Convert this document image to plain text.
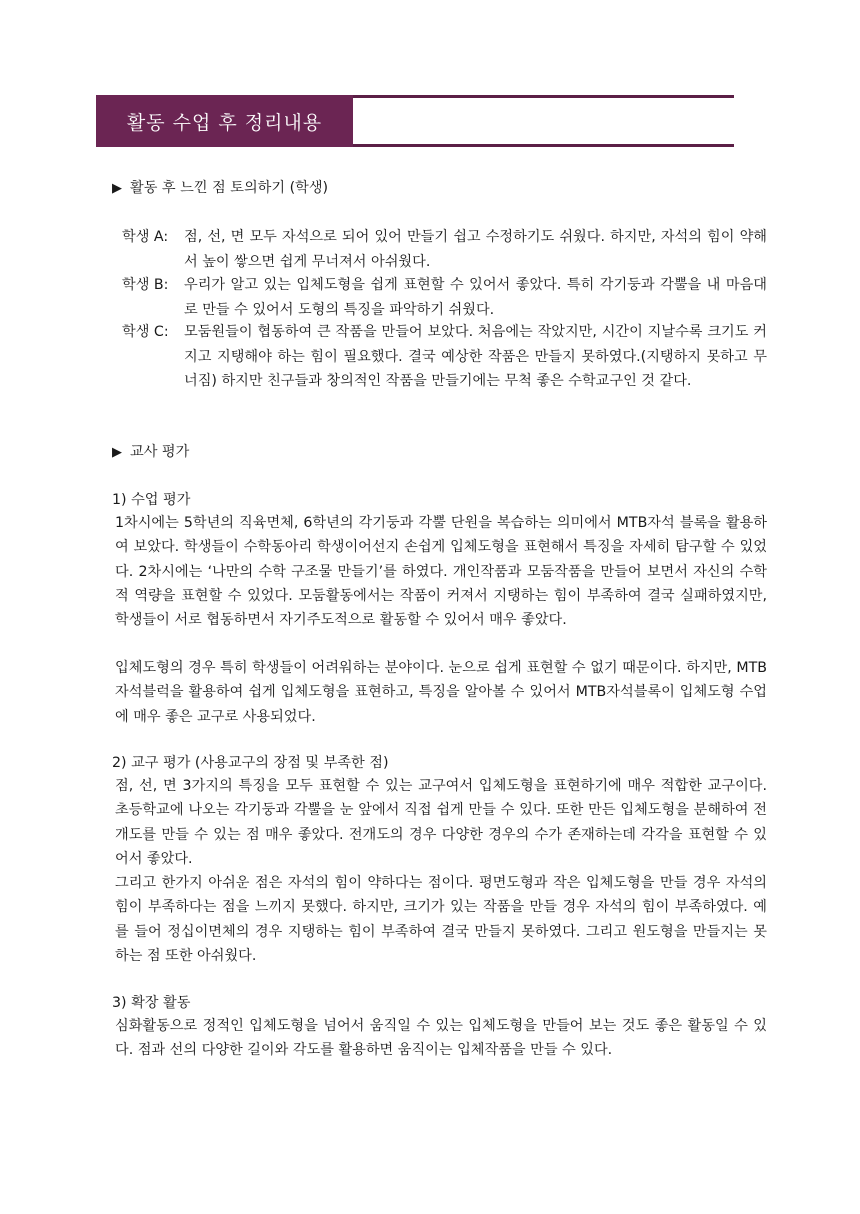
활동 수업 후 정리내용
▶ 활동 후 느낀 점 토의하기 (학생)
학생 A: 점, 선, 면 모두 자석으로 되어 있어 만들기 쉽고 수정하기도 쉬웠다. 하지만, 자석의 힘이 약해서 높이 쌓으면 쉽게 무너져서 아쉬웠다.
학생 B: 우리가 알고 있는 입체도형을 쉽게 표현할 수 있어서 좋았다. 특히 각기둥과 각뿔을 내 마음대로 만들 수 있어서 도형의 특징을 파악하기 쉬웠다.
학생 C: 모둠원들이 협동하여 큰 작품을 만들어 보았다. 처음에는 작았지만, 시간이 지날수록 크기도 커지고 지탱해야 하는 힘이 필요했다. 결국 예상한 작품은 만들지 못하였다.(지탱하지 못하고 무너짐) 하지만 친구들과 창의적인 작품을 만들기에는 무척 좋은 수학교구인 것 같다.
▶ 교사 평가
1) 수업 평가
1차시에는 5학년의 직육면체, 6학년의 각기둥과 각뿔 단원을 복습하는 의미에서 MTB자석 블록을 활용하여 보았다. 학생들이 수학동아리 학생이어선지 손쉽게 입체도형을 표현해서 특징을 자세히 탐구할 수 있었다. 2차시에는 ‘나만의 수학 구조물 만들기’를 하였다. 개인작품과 모둠작품을 만들어 보면서 자신의 수학적 역량을 표현할 수 있었다. 모둠활동에서는 작품이 커져서 지탱하는 힘이 부족하여 결국 실패하였지만, 학생들이 서로 협동하면서 자기주도적으로 활동할 수 있어서 매우 좋았다.
입체도형의 경우 특히 학생들이 어려워하는 분야이다. 눈으로 쉽게 표현할 수 없기 때문이다. 하지만, MTB자석블럭을 활용하여 쉽게 입체도형을 표현하고, 특징을 알아볼 수 있어서 MTB자석블록이 입체도형 수업에 매우 좋은 교구로 사용되었다.
2) 교구 평가 (사용교구의 장점 및 부족한 점)
점, 선, 면 3가지의 특징을 모두 표현할 수 있는 교구여서 입체도형을 표현하기에 매우 적합한 교구이다. 초등학교에 나오는 각기둥과 각뿔을 눈 앞에서 직접 쉽게 만들 수 있다. 또한 만든 입체도형을 분해하여 전개도를 만들 수 있는 점 매우 좋았다. 전개도의 경우 다양한 경우의 수가 존재하는데 각각을 표현할 수 있어서 좋았다.
그리고 한가지 아쉬운 점은 자석의 힘이 약하다는 점이다. 평면도형과 작은 입체도형을 만들 경우 자석의 힘이 부족하다는 점을 느끼지 못했다. 하지만, 크기가 있는 작품을 만들 경우 자석의 힘이 부족하였다. 예를 들어 정십이면체의 경우 지탱하는 힘이 부족하여 결국 만들지 못하였다. 그리고 원도형을 만들지는 못하는 점 또한 아쉬웠다.
3) 확장 활동
심화활동으로 정적인 입체도형을 넘어서 움직일 수 있는 입체도형을 만들어 보는 것도 좋은 활동일 수 있다. 점과 선의 다양한 길이와 각도를 활용하면 움직이는 입체작품을 만들 수 있다.
